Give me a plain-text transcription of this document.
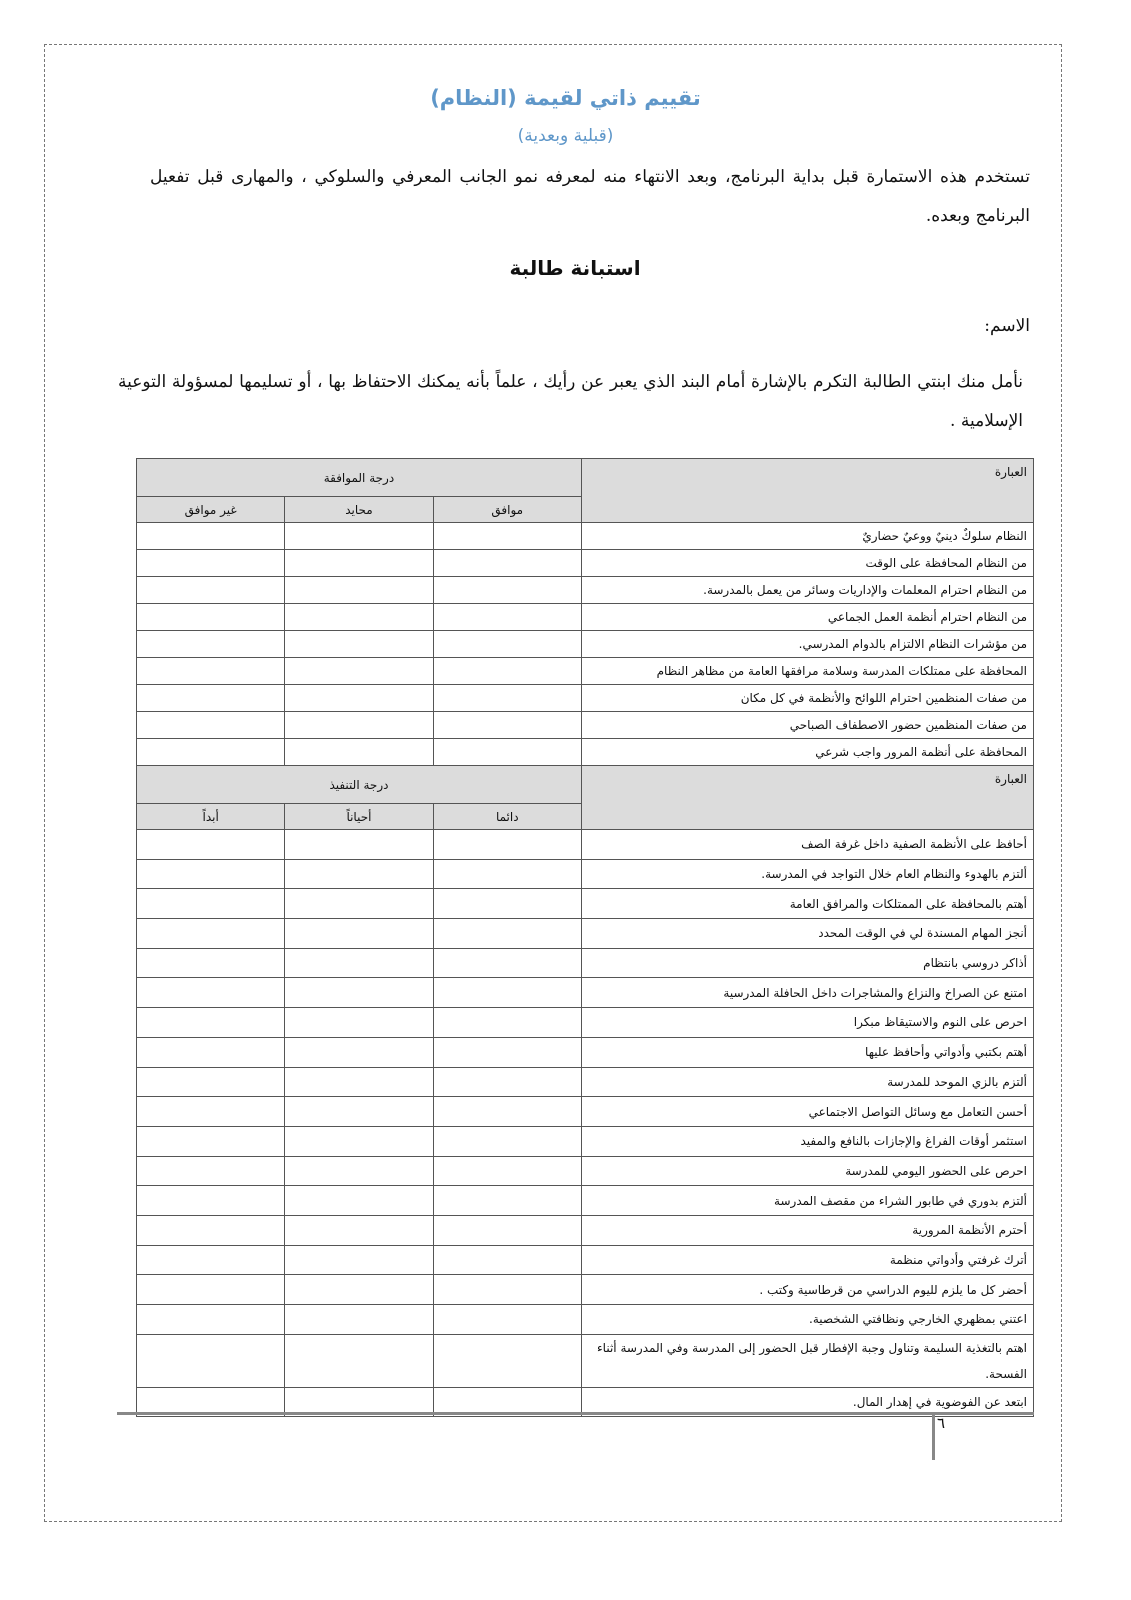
تقييم ذاتي لقيمة (النظام)
(قبلية وبعدية)
تستخدم هذه الاستمارة قبل بداية البرنامج، وبعد الانتهاء منه لمعرفه نمو الجانب المعرفي والسلوكي ، والمهارى قبل تفعيل البرنامج وبعده.
استبانة طالبة
الاسم:
نأمل منك ابنتي الطالبة التكرم بالإشارة أمام البند الذي يعبر عن رأيك ، علماً بأنه يمكنك الاحتفاظ بها ، أو تسليمها لمسؤولة التوعية الإسلامية .
العبارة	درجة الموافقة		
	موافق	محايد	غير موافق
النظام سلوكٌ دينيٌ ووعيٌ حضاريٌ			
من النظام المحافظة على الوقت			
من النظام احترام المعلمات والإداريات وسائر من يعمل بالمدرسة.			
من النظام احترام أنظمة العمل الجماعي			
من مؤشرات النظام الالتزام بالدوام المدرسي.			
المحافظة على ممتلكات المدرسة وسلامة مرافقها العامة من مظاهر النظام			
من صفات المنظمين احترام اللوائح والأنظمة في كل مكان			
من صفات المنظمين حضور الاصطفاف الصباحي			
المحافظة على أنظمة المرور واجب شرعي			
العبارة	درجة التنفيذ		
	دائما	أحياناً	أبداً
أحافظ على الأنظمة الصفية داخل غرفة الصف			
ألتزم بالهدوء والنظام العام خلال التواجد في المدرسة.			
أهتم بالمحافظة على الممتلكات والمرافق العامة			
أنجز المهام المسندة لي في الوقت المحدد			
أذاكر دروسي بانتظام			
امتنع عن الصراخ والنزاع والمشاجرات داخل الحافلة المدرسية			
احرص على النوم والاستيقاظ مبكرا			
أهتم بكتبي وأدواتي وأحافظ عليها			
ألتزم بالزي الموحد للمدرسة			
أحسن التعامل مع وسائل التواصل الاجتماعي			
استثمر أوقات الفراغ والإجازات بالنافع والمفيد			
احرص على الحضور اليومي للمدرسة			
ألتزم بدوري في طابور الشراء من مقصف المدرسة			
أحترم الأنظمة المرورية			
أترك غرفتي وأدواتي منظمة			
أحضر كل ما يلزم لليوم الدراسي من قرطاسية وكتب .			
اعتني بمظهري الخارجي ونظافتي الشخصية.			
اهتم بالتغذية السليمة وتناول وجبة الإفطار قبل الحضور إلى المدرسة وفي المدرسة أثناء الفسحة.			
ابتعد عن الفوضوية في إهدار المال.			
٦
